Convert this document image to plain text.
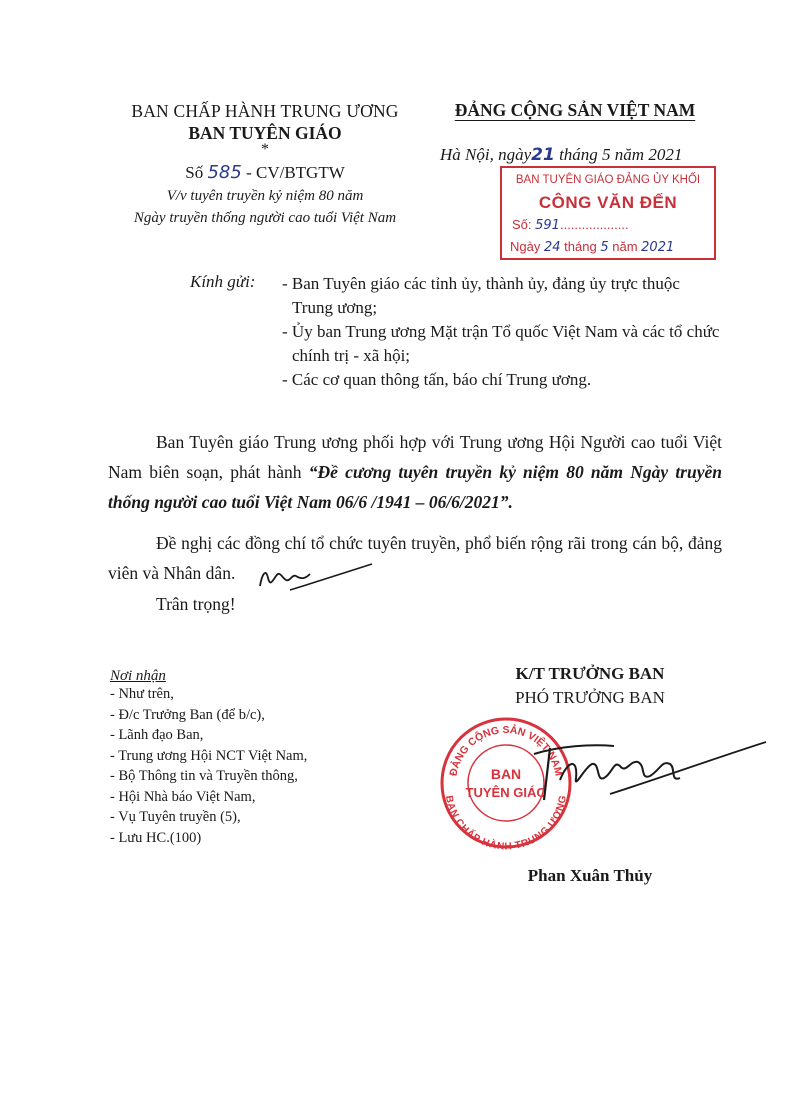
BAN CHẤP HÀNH TRUNG ƯƠNG
BAN TUYÊN GIÁO
*
Số 585 - CV/BTGTW
V/v tuyên truyền kỷ niệm 80 năm
Ngày truyền thống người cao tuổi Việt Nam
ĐẢNG CỘNG SẢN VIỆT NAM
Hà Nội, ngày21 tháng 5 năm 2021
BAN TUYÊN GIÁO ĐẢNG ỦY KHỐI
CÔNG VĂN ĐẾN
Số: 591...................
Ngày 24 tháng 5 năm 2021
Kính gửi: - Ban Tuyên giáo các tỉnh ủy, thành ủy, đảng ủy trực thuộc Trung ương;
- Ủy ban Trung ương Mặt trận Tổ quốc Việt Nam và các tổ chức chính trị - xã hội;
- Các cơ quan thông tấn, báo chí Trung ương.
Ban Tuyên giáo Trung ương phối hợp với Trung ương Hội Người cao tuổi Việt Nam biên soạn, phát hành “Đề cương tuyên truyền kỷ niệm 80 năm Ngày truyền thống người cao tuổi Việt Nam 06/6 /1941 – 06/6/2021”.
Đề nghị các đồng chí tổ chức tuyên truyền, phổ biến rộng rãi trong cán bộ, đảng viên và Nhân dân.
Trân trọng!
Nơi nhận
- Như trên,
- Đ/c Trưởng Ban (để b/c),
- Lãnh đạo Ban,
- Trung ương Hội NCT Việt Nam,
- Bộ Thông tin và Truyền thông,
- Hội Nhà báo Việt Nam,
- Vụ Tuyên truyền (5),
- Lưu HC.(100)
K/T TRƯỞNG BAN
PHÓ TRƯỞNG BAN
ĐẢNG CỘNG SẢN VIỆT NAM
BAN CHẤP HÀNH TRUNG ƯƠNG
BAN
TUYÊN GIÁO
Phan Xuân Thủy
